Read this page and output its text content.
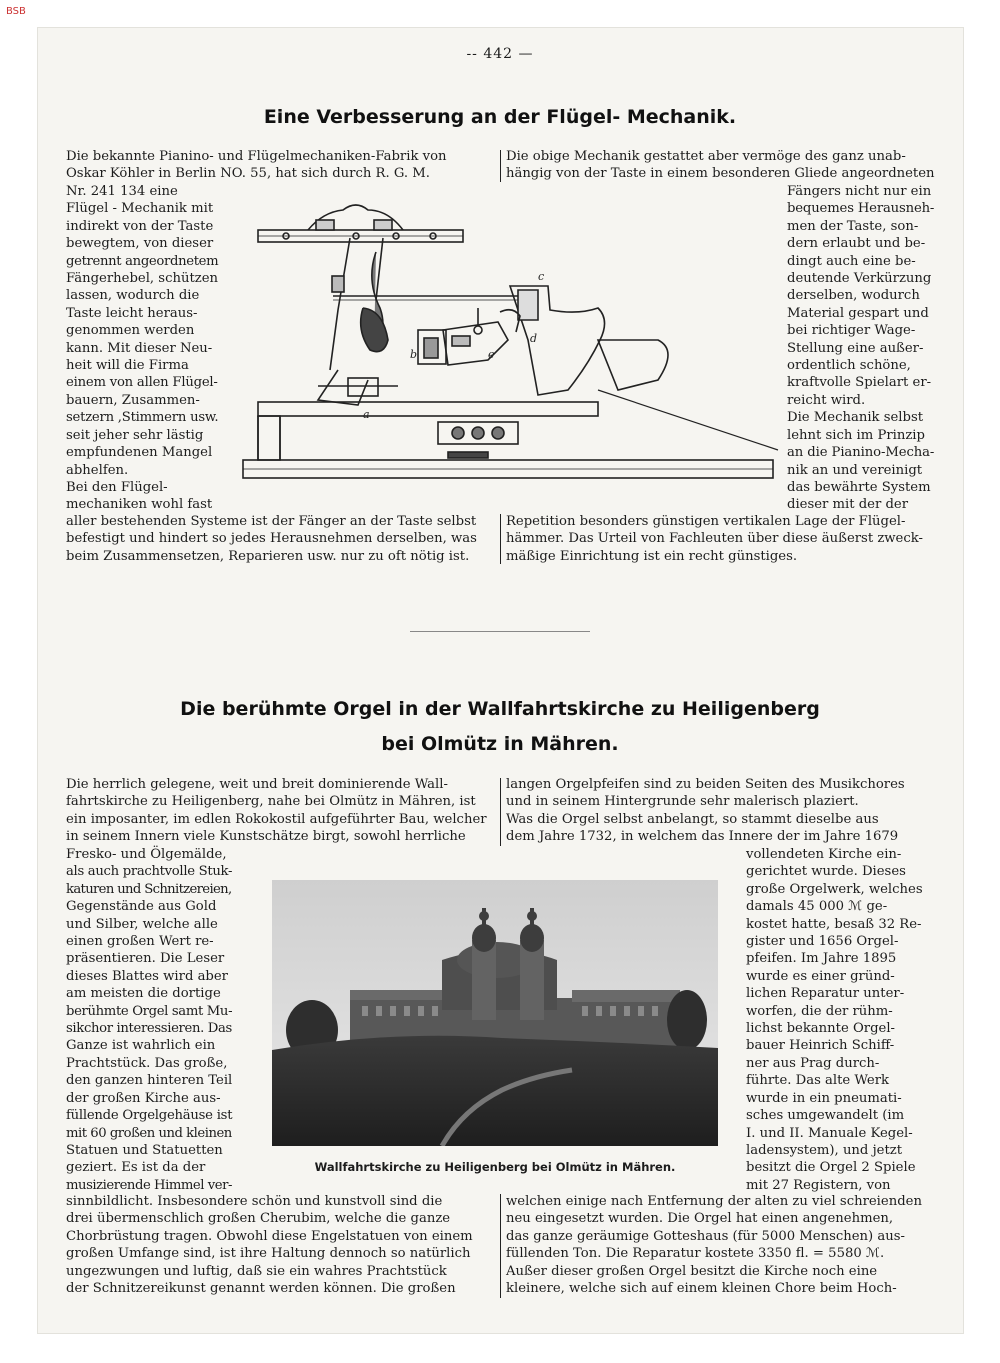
BSB
-- 442 —
Eine Verbesserung an der Flügel- Mechanik.
Die bekannte Pianino- und Flügelmechaniken-Fabrik von
Oskar Köhler in Berlin NO. 55, hat sich durch R. G. M.
Die obige Mechanik gestattet aber vermöge des ganz unab-
hängig von der Taste in einem besonderen Gliede angeordneten
Nr. 241 134 eine
Flügel - Mechanik mit
indirekt von der Taste
bewegtem, von dieser
getrennt angeordnetem
Fängerhebel, schützen
lassen, wodurch die
Taste leicht heraus-
genommen werden
kann. Mit dieser Neu-
heit will die Firma
einem von allen Flügel-
bauern, Zusammen-
setzern ,Stimmern usw.
seit jeher sehr lästig
empfundenen Mangel
abhelfen.
Bei den Flügel-
mechaniken wohl fast
Fängers nicht nur ein
bequemes Herausneh-
men der Taste, son-
dern erlaubt und be-
dingt auch eine be-
deutende Verkürzung
derselben, wodurch
Material gespart und
bei richtiger Wage-
Stellung eine außer-
ordentlich schöne,
kraftvolle Spielart er-
reicht wird.
Die Mechanik selbst
lehnt sich im Prinzip
an die Pianino-Mecha-
nik an und vereinigt
das bewährte System
dieser mit der der
a
b
c
d
e
aller bestehenden Systeme ist der Fänger an der Taste selbst
befestigt und hindert so jedes Herausnehmen derselben, was
beim Zusammensetzen, Reparieren usw. nur zu oft nötig ist.
Repetition besonders günstigen vertikalen Lage der Flügel-
hämmer. Das Urteil von Fachleuten über diese äußerst zweck-
mäßige Einrichtung ist ein recht günstiges.
Die berühmte Orgel in der Wallfahrtskirche zu Heiligenberg
bei Olmütz in Mähren.
Die herrlich gelegene, weit und breit dominierende Wall-
fahrtskirche zu Heiligenberg, nahe bei Olmütz in Mähren, ist
ein imposanter, im edlen Rokokostil aufgeführter Bau, welcher
in seinem Innern viele Kunstschätze birgt, sowohl herrliche
langen Orgelpfeifen sind zu beiden Seiten des Musikchores
und in seinem Hintergrunde sehr malerisch plaziert.
Was die Orgel selbst anbelangt, so stammt dieselbe aus
dem Jahre 1732, in welchem das Innere der im Jahre 1679
Fresko- und Ölgemälde,
als auch prachtvolle Stuk-
katuren und Schnitzereien,
Gegenstände aus Gold
und Silber, welche alle
einen großen Wert re-
präsentieren. Die Leser
dieses Blattes wird aber
am meisten die dortige
berühmte Orgel samt Mu-
sikchor interessieren. Das
Ganze ist wahrlich ein
Prachtstück. Das große,
den ganzen hinteren Teil
der großen Kirche aus-
füllende Orgelgehäuse ist
mit 60 großen und kleinen
Statuen und Statuetten
geziert. Es ist da der
musizierende Himmel ver-
vollendeten Kirche ein-
gerichtet wurde. Dieses
große Orgelwerk, welches
damals 45 000 ℳ ge-
kostet hatte, besaß 32 Re-
gister und 1656 Orgel-
pfeifen. Im Jahre 1895
wurde es einer gründ-
lichen Reparatur unter-
worfen, die der rühm-
lichst bekannte Orgel-
bauer Heinrich Schiff-
ner aus Prag durch-
führte. Das alte Werk
wurde in ein pneumati-
sches umgewandelt (im
I. und II. Manuale Kegel-
ladensystem), und jetzt
besitzt die Orgel 2 Spiele
mit 27 Registern, von
Wallfahrtskirche zu Heiligenberg bei Olmütz in Mähren.
sinnbildlicht. Insbesondere schön und kunstvoll sind die
drei übermenschlich großen Cherubim, welche die ganze
Chorbrüstung tragen. Obwohl diese Engelstatuen von einem
großen Umfange sind, ist ihre Haltung dennoch so natürlich
ungezwungen und luftig, daß sie ein wahres Prachtstück
der Schnitzereikunst genannt werden können. Die großen
welchen einige nach Entfernung der alten zu viel schreienden
neu eingesetzt wurden. Die Orgel hat einen angenehmen,
das ganze geräumige Gotteshaus (für 5000 Menschen) aus-
füllenden Ton. Die Reparatur kostete 3350 fl. = 5580 ℳ.
Außer dieser großen Orgel besitzt die Kirche noch eine
kleinere, welche sich auf einem kleinen Chore beim Hoch-
